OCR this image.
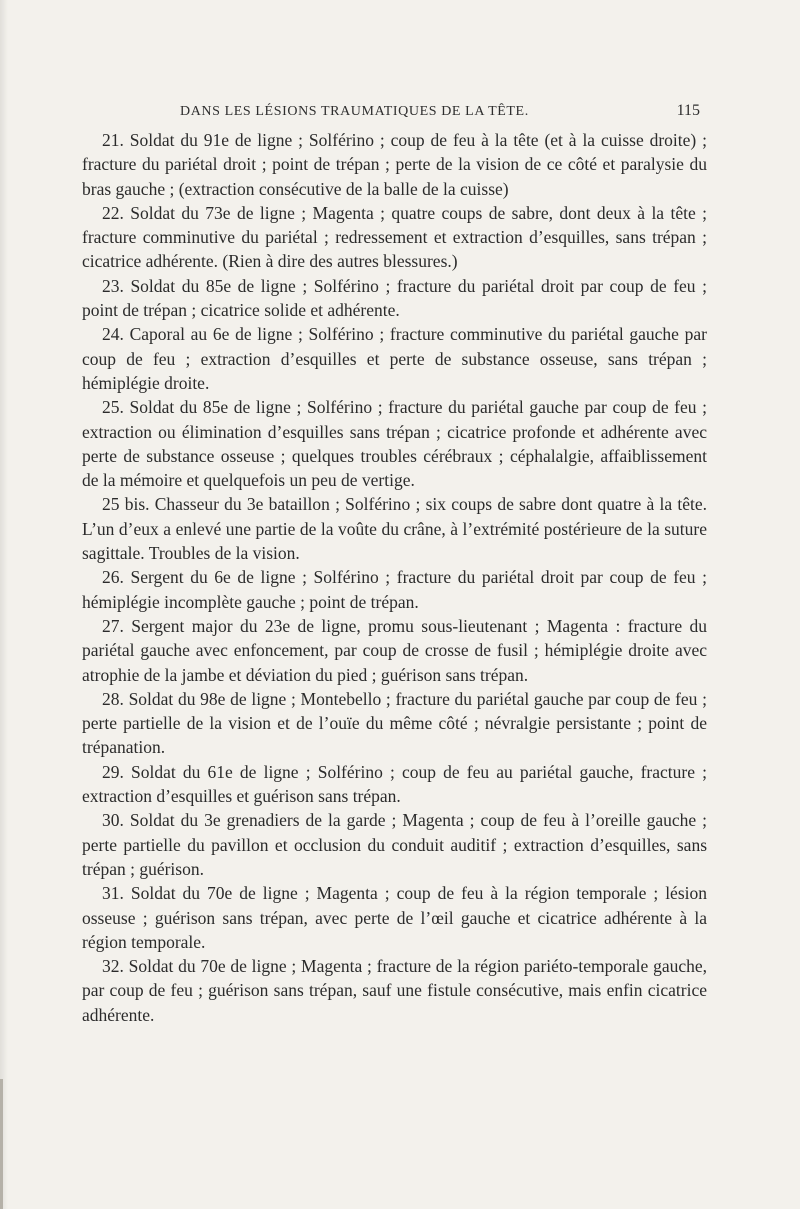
DANS LES LÉSIONS TRAUMATIQUES DE LA TÊTE.	115

21. Soldat du 91e de ligne ; Solférino ; coup de feu à la tête (et à la cuisse droite) ; fracture du pariétal droit ; point de trépan ; perte de la vision de ce côté et paralysie du bras gauche ; (extraction consécutive de la balle de la cuisse)

22. Soldat du 73e de ligne ; Magenta ; quatre coups de sabre, dont deux à la tête ; fracture comminutive du pariétal ; redressement et extraction d’esquilles, sans trépan ; cicatrice adhérente. (Rien à dire des autres blessures.)

23. Soldat du 85e de ligne ; Solférino ; fracture du pariétal droit par coup de feu ; point de trépan ; cicatrice solide et adhérente.

24. Caporal au 6e de ligne ; Solférino ; fracture comminutive du pariétal gauche par coup de feu ; extraction d’esquilles et perte de substance osseuse, sans trépan ; hémiplégie droite.

25. Soldat du 85e de ligne ; Solférino ; fracture du pariétal gauche par coup de feu ; extraction ou élimination d’esquilles sans trépan ; cicatrice profonde et adhérente avec perte de substance osseuse ; quelques troubles cérébraux ; céphalalgie, affaiblissement de la mémoire et quelquefois un peu de vertige.

25 bis. Chasseur du 3e bataillon ; Solférino ; six coups de sabre dont quatre à la tête. L’un d’eux a enlevé une partie de la voûte du crâne, à l’extrémité postérieure de la suture sagittale. Troubles de la vision.

26. Sergent du 6e de ligne ; Solférino ; fracture du pariétal droit par coup de feu ; hémiplégie incomplète gauche ; point de trépan.

27. Sergent major du 23e de ligne, promu sous-lieutenant ; Magenta : fracture du pariétal gauche avec enfoncement, par coup de crosse de fusil ; hémiplégie droite avec atrophie de la jambe et déviation du pied ; guérison sans trépan.

28. Soldat du 98e de ligne ; Montebello ; fracture du pariétal gauche par coup de feu ; perte partielle de la vision et de l’ouïe du même côté ; névralgie persistante ; point de trépanation.

29. Soldat du 61e de ligne ; Solférino ; coup de feu au pariétal gauche, fracture ; extraction d’esquilles et guérison sans trépan.

30. Soldat du 3e grenadiers de la garde ; Magenta ; coup de feu à l’oreille gauche ; perte partielle du pavillon et occlusion du conduit auditif ; extraction d’esquilles, sans trépan ; guérison.

31. Soldat du 70e de ligne ; Magenta ; coup de feu à la région temporale ; lésion osseuse ; guérison sans trépan, avec perte de l’œil gauche et cicatrice adhérente à la région temporale.

32. Soldat du 70e de ligne ; Magenta ; fracture de la région pariéto-temporale gauche, par coup de feu ; guérison sans trépan, sauf une fistule consécutive, mais enfin cicatrice adhérente.
